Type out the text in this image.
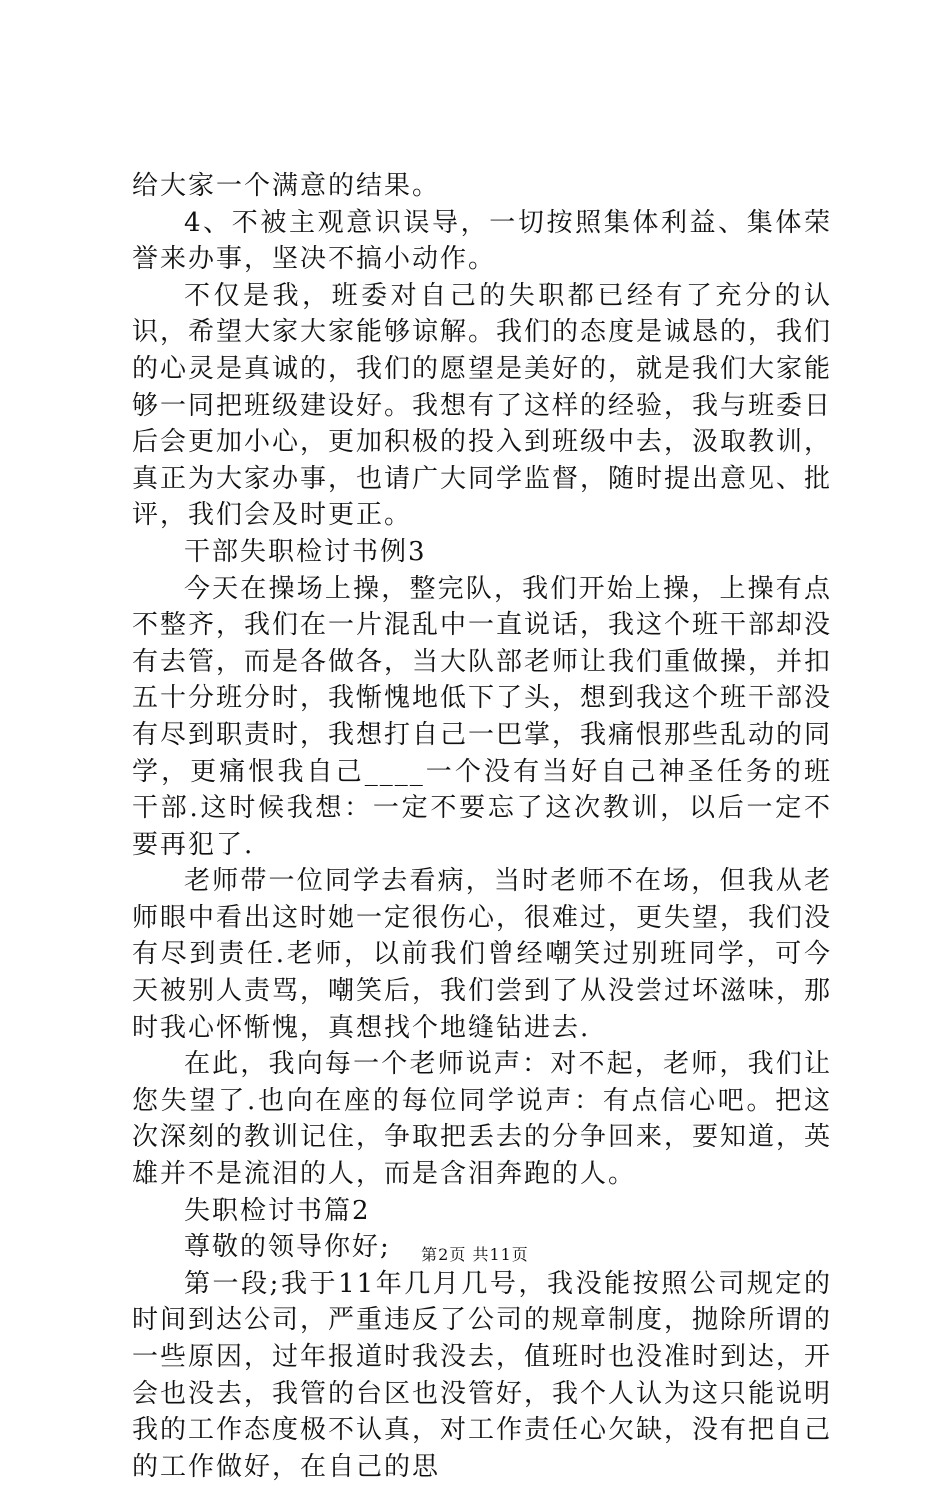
给大家一个满意的结果。

4、不被主观意识误导，一切按照集体利益、集体荣誉来办事，坚决不搞小动作。

不仅是我，班委对自己的失职都已经有了充分的认识，希望大家大家能够谅解。我们的态度是诚恳的，我们的心灵是真诚的，我们的愿望是美好的，就是我们大家能够一同把班级建设好。我想有了这样的经验，我与班委日后会更加小心，更加积极的投入到班级中去，汲取教训，真正为大家办事，也请广大同学监督，随时提出意见、批评，我们会及时更正。

干部失职检讨书例3

今天在操场上操，整完队，我们开始上操，上操有点不整齐，我们在一片混乱中一直说话，我这个班干部却没有去管，而是各做各，当大队部老师让我们重做操，并扣五十分班分时，我惭愧地低下了头，想到我这个班干部没有尽到职责时，我想打自己一巴掌，我痛恨那些乱动的同学，更痛恨我自己____一个没有当好自己神圣任务的班干部.这时候我想：一定不要忘了这次教训，以后一定不要再犯了.

老师带一位同学去看病，当时老师不在场，但我从老师眼中看出这时她一定很伤心，很难过，更失望，我们没有尽到责任.老师，以前我们曾经嘲笑过别班同学，可今天被别人责骂，嘲笑后，我们尝到了从没尝过坏滋味，那时我心怀惭愧，真想找个地缝钻进去.

在此，我向每一个老师说声：对不起，老师，我们让您失望了.也向在座的每位同学说声：有点信心吧。把这次深刻的教训记住，争取把丢去的分争回来，要知道，英雄并不是流泪的人，而是含泪奔跑的人。

失职检讨书篇2

尊敬的领导你好;

第一段;我于11年几月几号，我没能按照公司规定的时间到达公司，严重违反了公司的规章制度，抛除所谓的一些原因，过年报道时我没去，值班时也没准时到达，开会也没去，我管的台区也没管好，我个人认为这只能说明我的工作态度极不认真，对工作责任心欠缺，没有把自己的工作做好，在自己的思

第2页 共11页
